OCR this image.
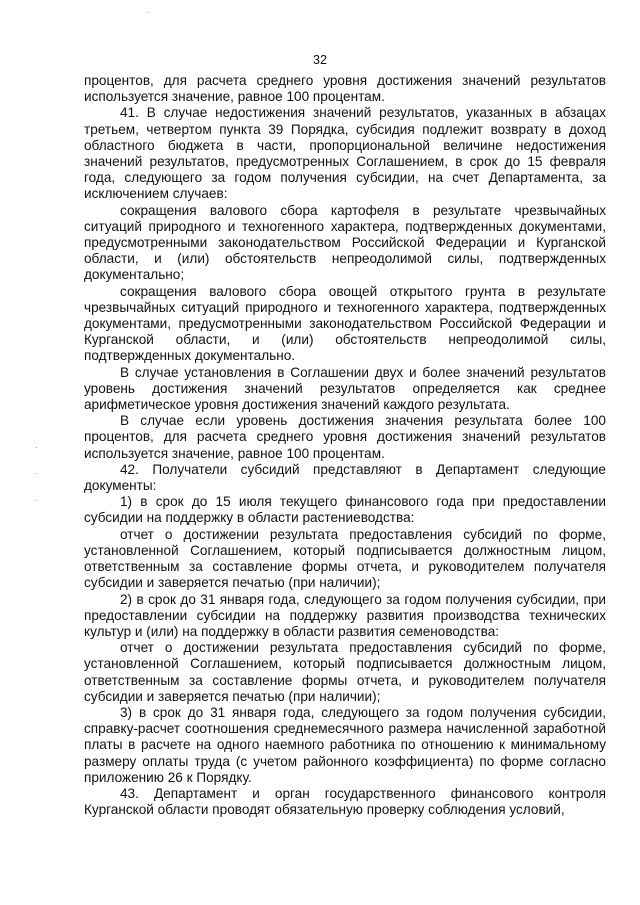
32

процентов, для расчета среднего уровня достижения значений результатов используется значение, равное 100 процентам.

41. В случае недостижения значений результатов, указанных в абзацах третьем, четвертом пункта 39 Порядка, субсидия подлежит возврату в доход областного бюджета в части, пропорциональной величине недостижения значений результатов, предусмотренных Соглашением, в срок до 15 февраля года, следующего за годом получения субсидии, на счет Департамента, за исключением случаев:

сокращения валового сбора картофеля в результате чрезвычайных ситуаций природного и техногенного характера, подтвержденных документами, предусмотренными законодательством Российской Федерации и Курганской области, и (или) обстоятельств непреодолимой силы, подтвержденных документально;

сокращения валового сбора овощей открытого грунта в результате чрезвычайных ситуаций природного и техногенного характера, подтвержденных документами, предусмотренными законодательством Российской Федерации и Курганской области, и (или) обстоятельств непреодолимой силы, подтвержденных документально.

В случае установления в Соглашении двух и более значений результатов уровень достижения значений результатов определяется как среднее арифметическое уровня достижения значений каждого результата.

В случае если уровень достижения значения результата более 100 процентов, для расчета среднего уровня достижения значений результатов используется значение, равное 100 процентам.

42. Получатели субсидий представляют в Департамент следующие документы:

1) в срок до 15 июля текущего финансового года при предоставлении субсидии на поддержку в области растениеводства:

отчет о достижении результата предоставления субсидий по форме, установленной Соглашением, который подписывается должностным лицом, ответственным за составление формы отчета, и руководителем получателя субсидии и заверяется печатью (при наличии);

2) в срок до 31 января года, следующего за годом получения субсидии, при предоставлении субсидии на поддержку развития производства технических культур и (или) на поддержку в области развития семеноводства:

отчет о достижении результата предоставления субсидий по форме, установленной Соглашением, который подписывается должностным лицом, ответственным за составление формы отчета, и руководителем получателя субсидии и заверяется печатью (при наличии);

3) в срок до 31 января года, следующего за годом получения субсидии, справку-расчет соотношения среднемесячного размера начисленной заработной платы в расчете на одного наемного работника по отношению к минимальному размеру оплаты труда (с учетом районного коэффициента) по форме согласно приложению 26 к Порядку.

43. Департамент и орган государственного финансового контроля Курганской области проводят обязательную проверку соблюдения условий,
